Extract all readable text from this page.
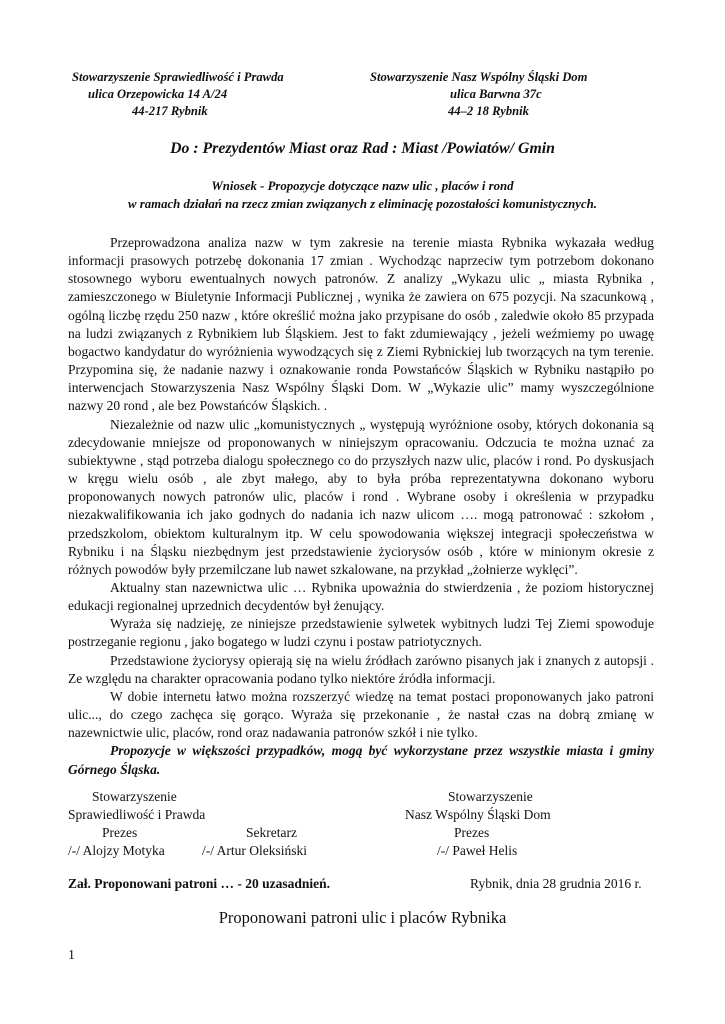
Stowarzyszenie Sprawiedliwość i Prawda
ulica Orzepowicka 14 A/24
44-217 Rybnik
Stowarzyszenie Nasz Wspólny Śląski Dom
ulica Barwna 37c
44–2 18 Rybnik
Do : Prezydentów Miast oraz Rad : Miast /Powiatów/ Gmin
Wniosek - Propozycje dotyczące nazw ulic , placów i rond
w ramach działań na rzecz zmian związanych z eliminację pozostałości komunistycznych.

Przeprowadzona analiza nazw w tym zakresie na terenie miasta Rybnika wykazała według informacji prasowych potrzebę dokonania 17 zmian . Wychodząc naprzeciw tym potrzebom dokonano stosownego wyboru ewentualnych nowych patronów. Z analizy „Wykazu ulic „ miasta Rybnika , zamieszczonego w Biuletynie Informacji Publicznej , wynika że zawiera on 675 pozycji. Na szacunkową , ogólną liczbę rzędu 250 nazw , które określić można jako przypisane do osób , zaledwie około 85 przypada na ludzi związanych z Rybnikiem lub Śląskiem. Jest to fakt zdumiewający , jeżeli weźmiemy po uwagę bogactwo kandydatur do wyróżnienia wywodzących się z Ziemi Rybnickiej lub tworzących na tym terenie. Przypomina się, że nadanie nazwy i oznakowanie ronda Powstańców Śląskich w Rybniku nastąpiło po interwencjach Stowarzyszenia Nasz Wspólny Śląski Dom. W „Wykazie ulic” mamy wyszczególnione nazwy 20 rond , ale bez Powstańców Śląskich. .

Niezależnie od nazw ulic „komunistycznych „ występują wyróżnione osoby, których dokonania są zdecydowanie mniejsze od proponowanych w niniejszym opracowaniu. Odczucia te można uznać za subiektywne , stąd potrzeba dialogu społecznego co do przyszłych nazw ulic, placów i rond. Po dyskusjach w kręgu wielu osób , ale zbyt małego, aby to była próba reprezentatywna dokonano wyboru proponowanych nowych patronów ulic, placów i rond . Wybrane osoby i określenia w przypadku niezakwalifikowania ich jako godnych do nadania ich nazw ulicom …. mogą patronować : szkołom , przedszkolom, obiektom kulturalnym itp. W celu spowodowania większej integracji społeczeństwa w Rybniku i na Śląsku niezbędnym jest przedstawienie życiorysów osób , które w minionym okresie z różnych powodów były przemilczane lub nawet szkalowane, na przykład „żołnierze wyklęci”.

Aktualny stan nazewnictwa ulic … Rybnika upoważnia do stwierdzenia , że poziom historycznej edukacji regionalnej uprzednich decydentów był żenujący.

Wyraża się nadzieję, ze niniejsze przedstawienie sylwetek wybitnych ludzi Tej Ziemi spowoduje postrzeganie regionu , jako bogatego w ludzi czynu i postaw patriotycznych.

Przedstawione życiorysy opierają się na wielu źródłach zarówno pisanych jak i znanych z autopsji . Ze względu na charakter opracowania podano tylko niektóre źródła informacji.

W dobie internetu łatwo można rozszerzyć wiedzę na temat postaci proponowanych jako patroni ulic..., do czego zachęca się gorąco. Wyraża się przekonanie , że nastał czas na dobrą zmianę w nazewnictwie ulic, placów, rond oraz nadawania patronów szkół i nie tylko.

Propozycje w większości przypadków, mogą być wykorzystane przez wszystkie miasta i gminy Górnego Śląska.

Stowarzyszenie
Sprawiedliwość i Prawda
Prezes	Sekretarz
/-/ Alojzy Motyka	/-/ Artur Oleksiński
Stowarzyszenie
Nasz Wspólny Śląski Dom
Prezes
/-/ Paweł Helis
Zał. Proponowani patroni … - 20 uzasadnień.	Rybnik, dnia 28 grudnia 2016 r.
Proponowani patroni ulic i placów Rybnika
1
